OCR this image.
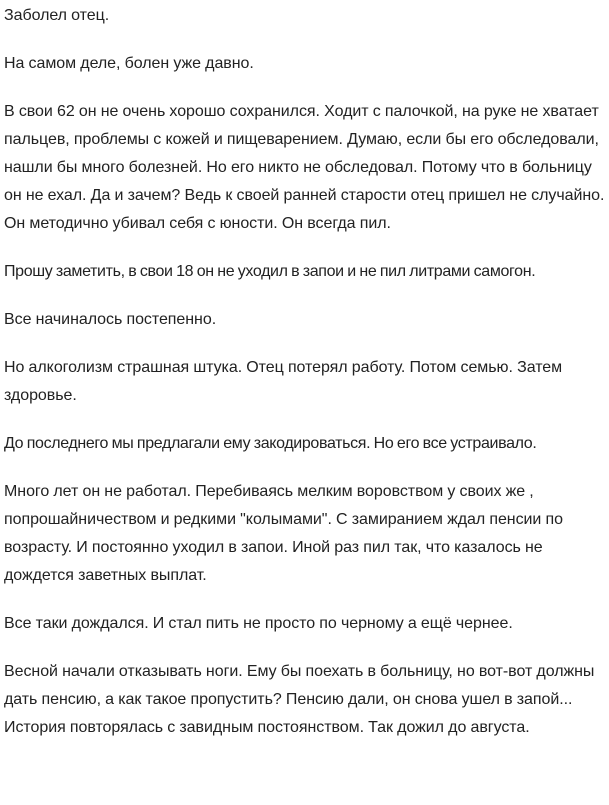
Заболел отец.

На самом деле, болен уже давно.

В свои 62 он не очень хорошо сохранился. Ходит с палочкой, на руке не хватает пальцев, проблемы с кожей и пищеварением. Думаю, если бы его обследовали, нашли бы много болезней. Но его никто не обследовал. Потому что в больницу он не ехал. Да и зачем? Ведь к своей ранней старости отец пришел не случайно. Он методично убивал себя с юности. Он всегда пил.

Прошу заметить, в свои 18 он не уходил в запои и не пил литрами самогон.

Все начиналось постепенно.

Но алкоголизм страшная штука. Отец потерял работу. Потом семью. Затем здоровье.

До последнего мы предлагали ему закодироваться. Но его все устраивало.

Много лет он не работал. Перебиваясь мелким воровством у своих же , попрошайничеством и редкими "колымами". С замиранием ждал пенсии по возрасту. И постоянно уходил в запои. Иной раз пил так, что казалось не дождется заветных выплат.

Все таки дождался. И стал пить не просто по черному а ещё чернее.

Весной начали отказывать ноги. Ему бы поехать в больницу, но вот-вот должны дать пенсию, а как такое пропустить? Пенсию дали, он снова ушел в запой... История повторялась с завидным постоянством. Так дожил до августа.
